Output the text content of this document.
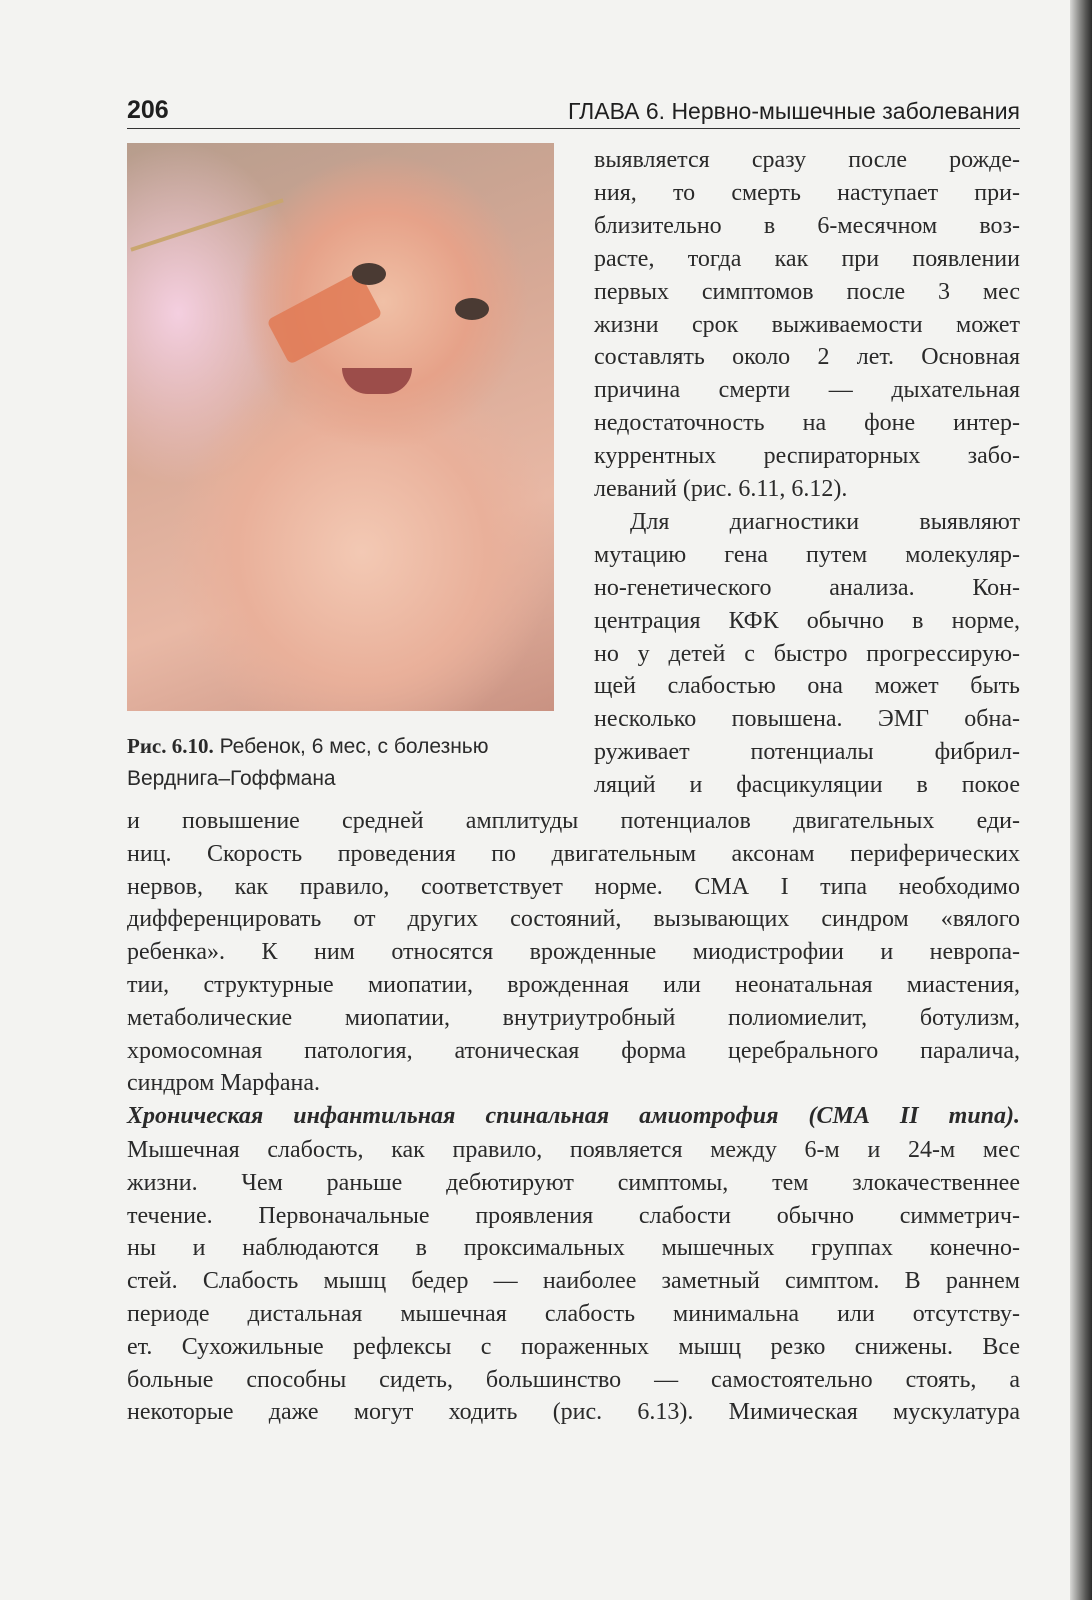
206	ГЛАВА 6. Нервно-мышечные заболевания
Рис. 6.10. Ребенок, 6 мес, с болезнью
Верднига–Гоффмана
выявляется сразу после рожде-
ния, то смерть наступает при-
близительно в 6-месячном воз-
расте, тогда как при появлении
первых симптомов после 3 мес
жизни срок выживаемости может
составлять около 2 лет. Основная
причина смерти — дыхательная
недостаточность на фоне интер-
куррентных респираторных забо-
леваний (рис. 6.11, 6.12).
Для диагностики выявляют
мутацию гена путем молекуляр-
но-генетического анализа. Кон-
центрация КФК обычно в норме,
но у детей с быстро прогрессирую-
щей слабостью она может быть
несколько повышена. ЭМГ обна-
руживает потенциалы фибрил-
ляций и фасцикуляции в покое
и повышение средней амплитуды потенциалов двигательных еди-
ниц. Скорость проведения по двигательным аксонам периферических
нервов, как правило, соответствует норме. СМА I типа необходимо
дифференцировать от других состояний, вызывающих синдром «вялого
ребенка». К ним относятся врожденные миодистрофии и невропа-
тии, структурные миопатии, врожденная или неонатальная миастения,
метаболические миопатии, внутриутробный полиомиелит, ботулизм,
хромосомная патология, атоническая форма церебрального паралича,
синдром Марфана.
Хроническая инфантильная спинальная амиотрофия (СМА II типа).
Мышечная слабость, как правило, появляется между 6-м и 24-м мес
жизни. Чем раньше дебютируют симптомы, тем злокачественнее
течение. Первоначальные проявления слабости обычно симметрич-
ны и наблюдаются в проксимальных мышечных группах конечно-
стей. Слабость мышц бедер — наиболее заметный симптом. В раннем
периоде дистальная мышечная слабость минимальна или отсутству-
ет. Сухожильные рефлексы с пораженных мышц резко снижены. Все
больные способны сидеть, большинство — самостоятельно стоять, а
некоторые даже могут ходить (рис. 6.13). Мимическая мускулатура
